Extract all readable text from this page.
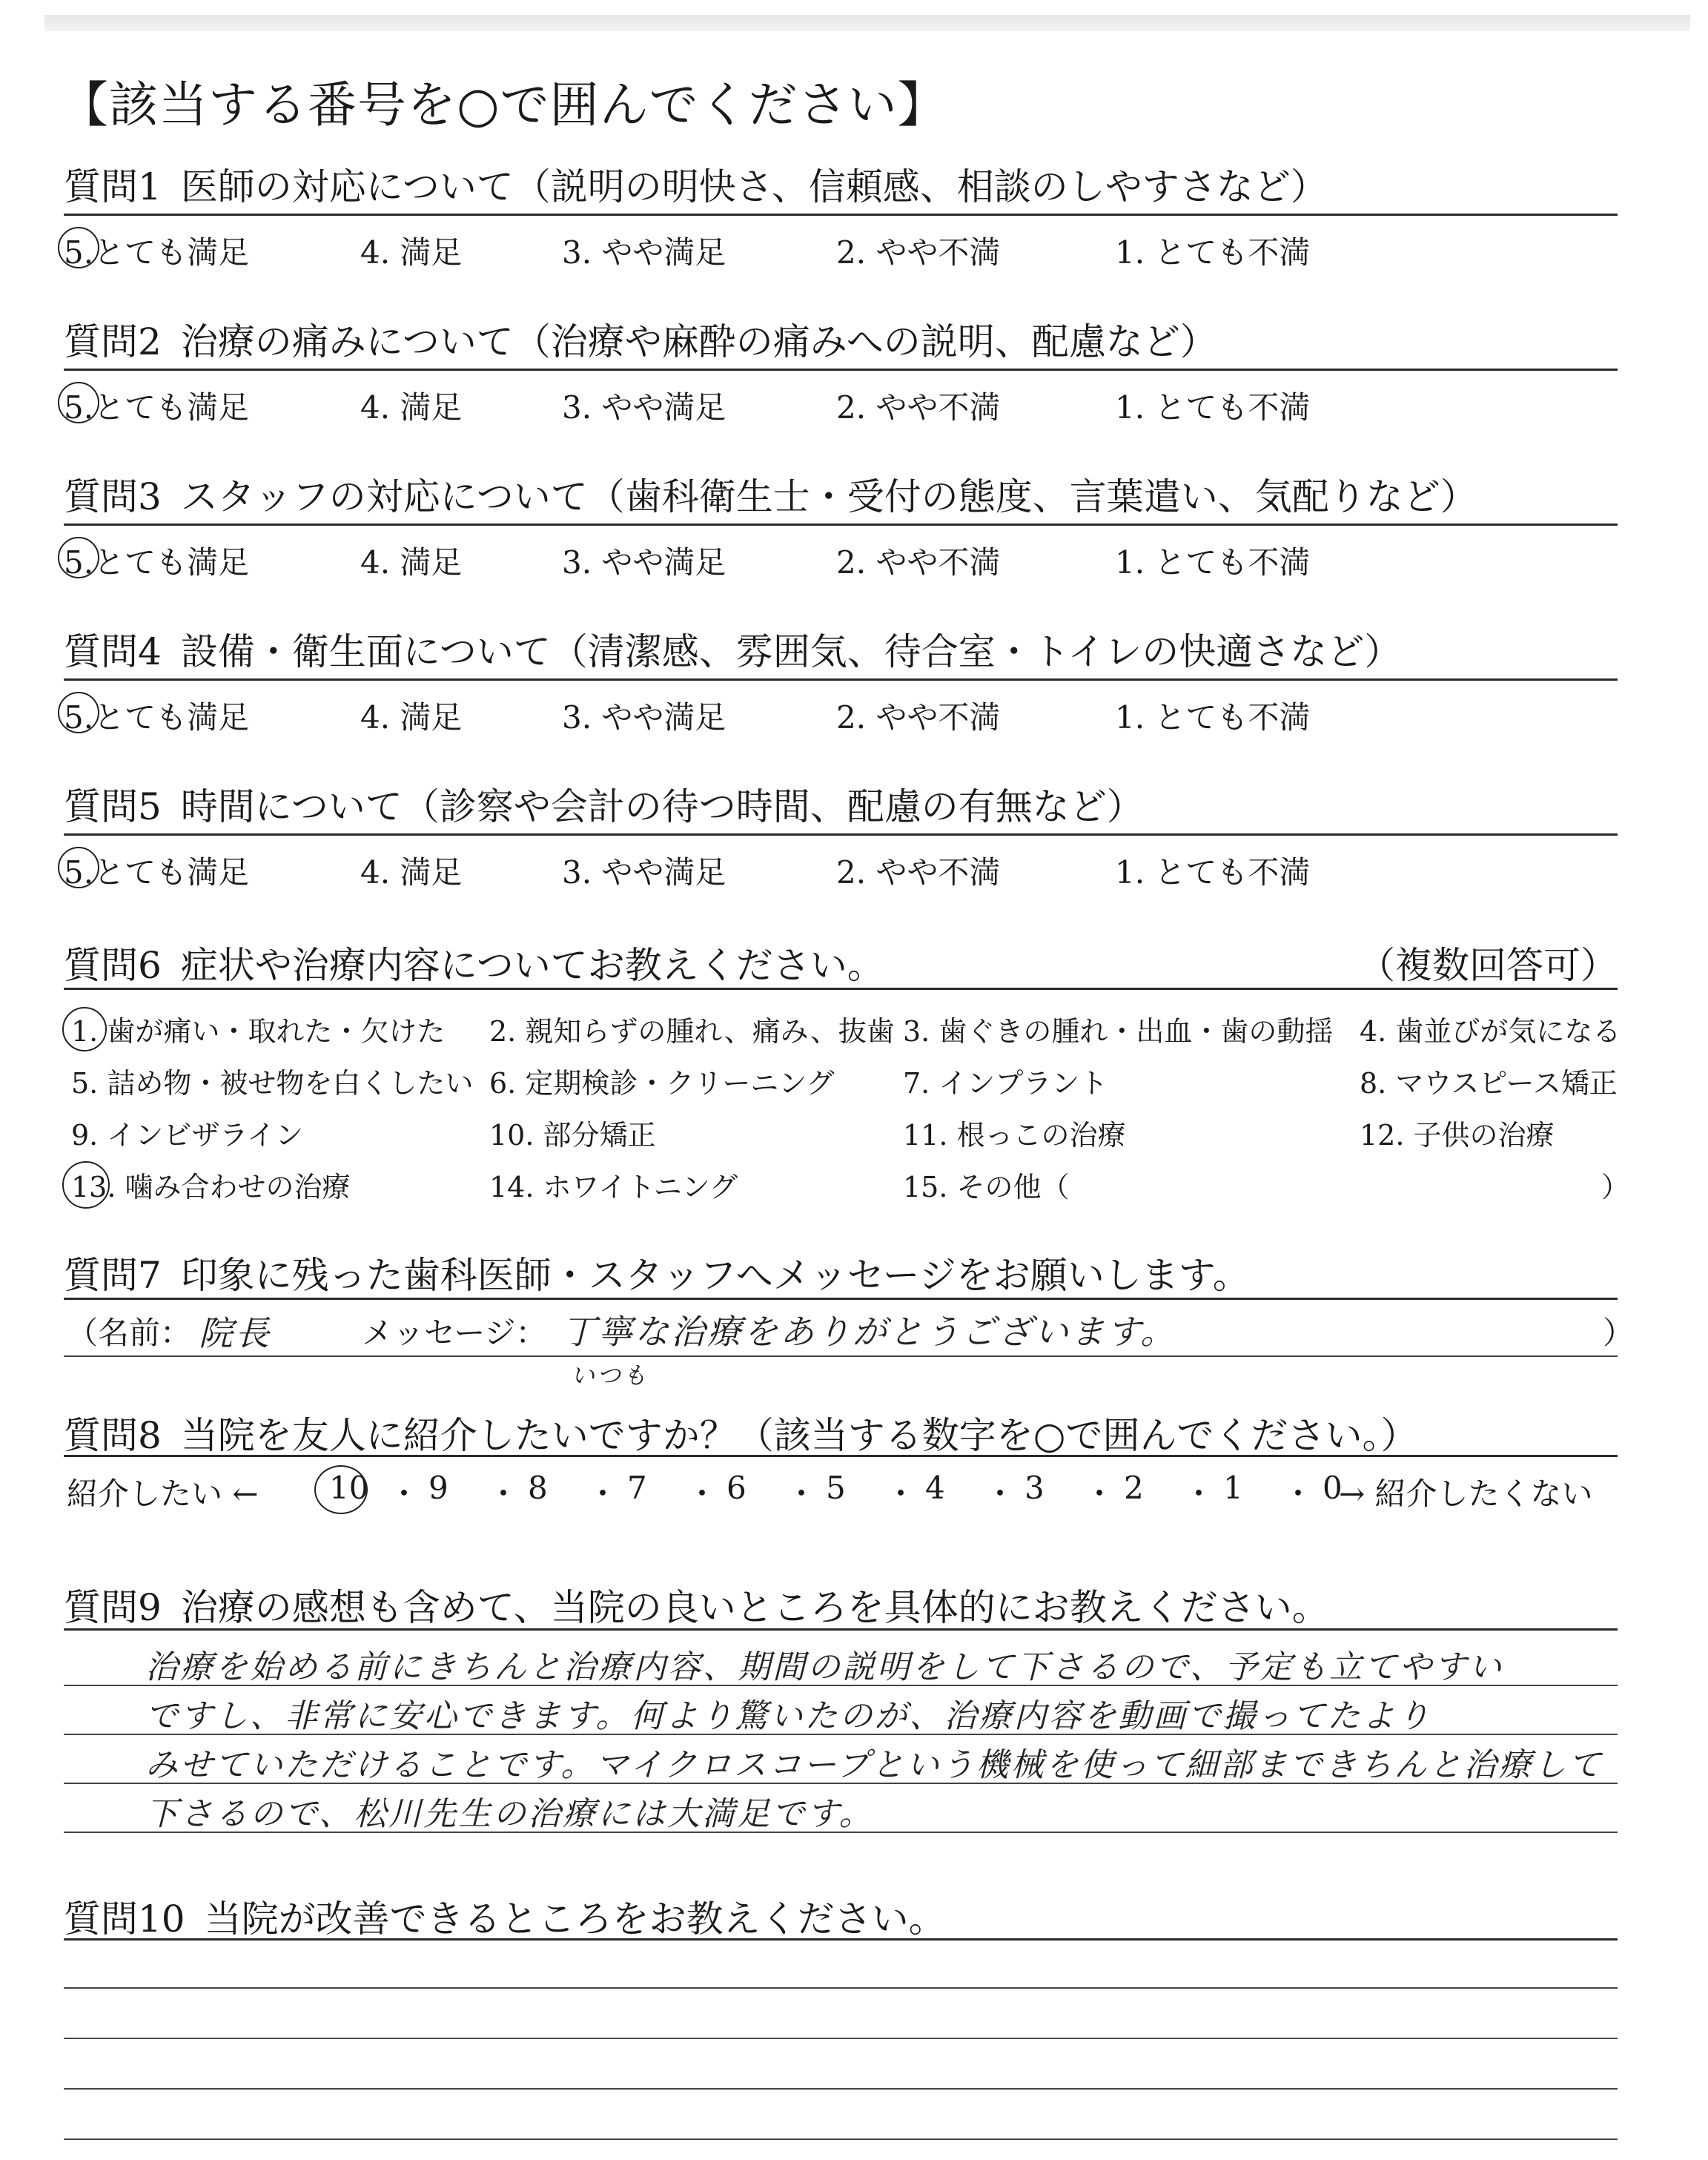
【該当する番号を○で囲んでください】
質問1 医師の対応について（説明の明快さ、信頼感、相談のしやすさなど）
5.とても満足	4. 満足	3. やや満足	2. やや不満	1. とても不満
質問2 治療の痛みについて（治療や麻酔の痛みへの説明、配慮など）
5.とても満足	4. 満足	3. やや満足	2. やや不満	1. とても不満
質問3 スタッフの対応について（歯科衛生士・受付の態度、言葉遣い、気配りなど）
5.とても満足	4. 満足	3. やや満足	2. やや不満	1. とても不満
質問4 設備・衛生面について（清潔感、雰囲気、待合室・トイレの快適さなど）
5.とても満足	4. 満足	3. やや満足	2. やや不満	1. とても不満
質問5 時間について（診察や会計の待つ時間、配慮の有無など）
5.とても満足	4. 満足	3. やや満足	2. やや不満	1. とても不満
質問6 症状や治療内容についてお教えください。	（複数回答可）
1. 歯が痛い・取れた・欠けた 2. 親知らずの腫れ、痛み、抜歯 3. 歯ぐきの腫れ・出血・歯の動揺 4. 歯並びが気になる
5. 詰め物・被せ物を白くしたい 6. 定期検診・クリーニング 7. インプラント	8. マウスピース矯正
9. インビザライン	10. 部分矯正	11. 根っこの治療	12. 子供の治療
13. 噛み合わせの治療	14. ホワイトニング	15. その他（	）
質問7 印象に残った歯科医師・スタッフへメッセージをお願いします。
（名前： 院長	メッセージ： 丁寧な治療をありがとうございます。
いつも
）
質問8 当院を友人に紹介したいですか？（該当する数字を○で囲んでください。）
紹介したい ←	→ 紹介したくない
10 ・ 9 ・ 8 ・ 7 ・ 6 ・ 5 ・ 4 ・ 3 ・ 2 ・ 1 ・ 0
質問9 治療の感想も含めて、当院の良いところを具体的にお教えください。
治療を始める前にきちんと治療内容、期間の説明をして下さるので、予定も立てやすい
ですし、非常に安心できます。何より驚いたのが、治療内容を動画で撮ってたより
みせていただけることです。マイクロスコープという機械を使って細部まできちんと治療して
下さるので、松川先生の治療には大満足です。
質問10 当院が改善できるところをお教えください。
